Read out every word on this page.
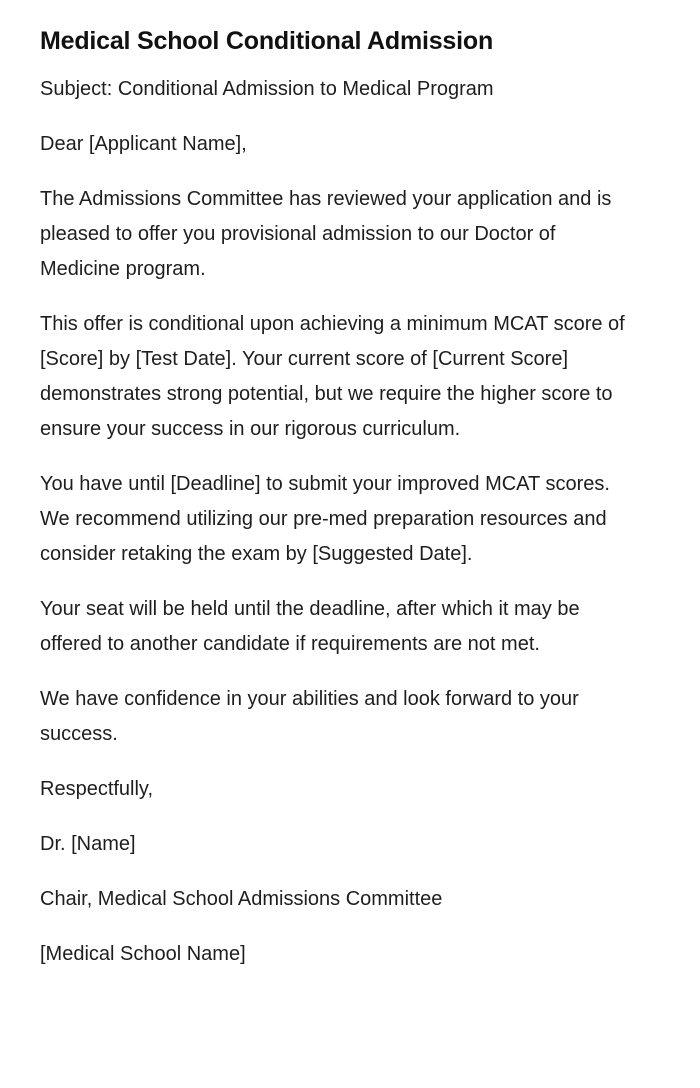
Medical School Conditional Admission

Subject: Conditional Admission to Medical Program

Dear [Applicant Name],

The Admissions Committee has reviewed your application and is pleased to offer you provisional admission to our Doctor of Medicine program.

This offer is conditional upon achieving a minimum MCAT score of [Score] by [Test Date]. Your current score of [Current Score] demonstrates strong potential, but we require the higher score to ensure your success in our rigorous curriculum.

You have until [Deadline] to submit your improved MCAT scores. We recommend utilizing our pre-med preparation resources and consider retaking the exam by [Suggested Date].

Your seat will be held until the deadline, after which it may be offered to another candidate if requirements are not met.

We have confidence in your abilities and look forward to your success.

Respectfully,

Dr. [Name]

Chair, Medical School Admissions Committee

[Medical School Name]
